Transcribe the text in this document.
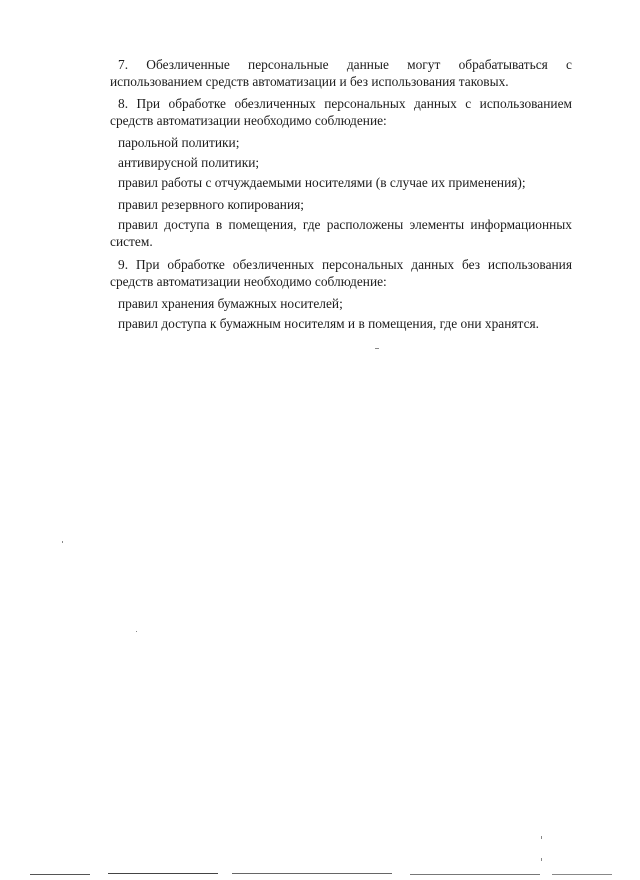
7. Обезличенные персональные данные могут обрабатываться с
использованием средств автоматизации и без использования таковых.
8. При обработке обезличенных персональных данных с использованием
средств автоматизации необходимо соблюдение:

парольной политики;

антивирусной политики;

правил работы с отчуждаемыми носителями (в случае их применения);

правил резервного копирования;

правил доступа в помещения, где расположены элементы информационных
систем.
9. При обработке обезличенных персональных данных без использования
средств автоматизации необходимо соблюдение:

правил хранения бумажных носителей;

правил доступа к бумажным носителям и в помещения, где они хранятся.
